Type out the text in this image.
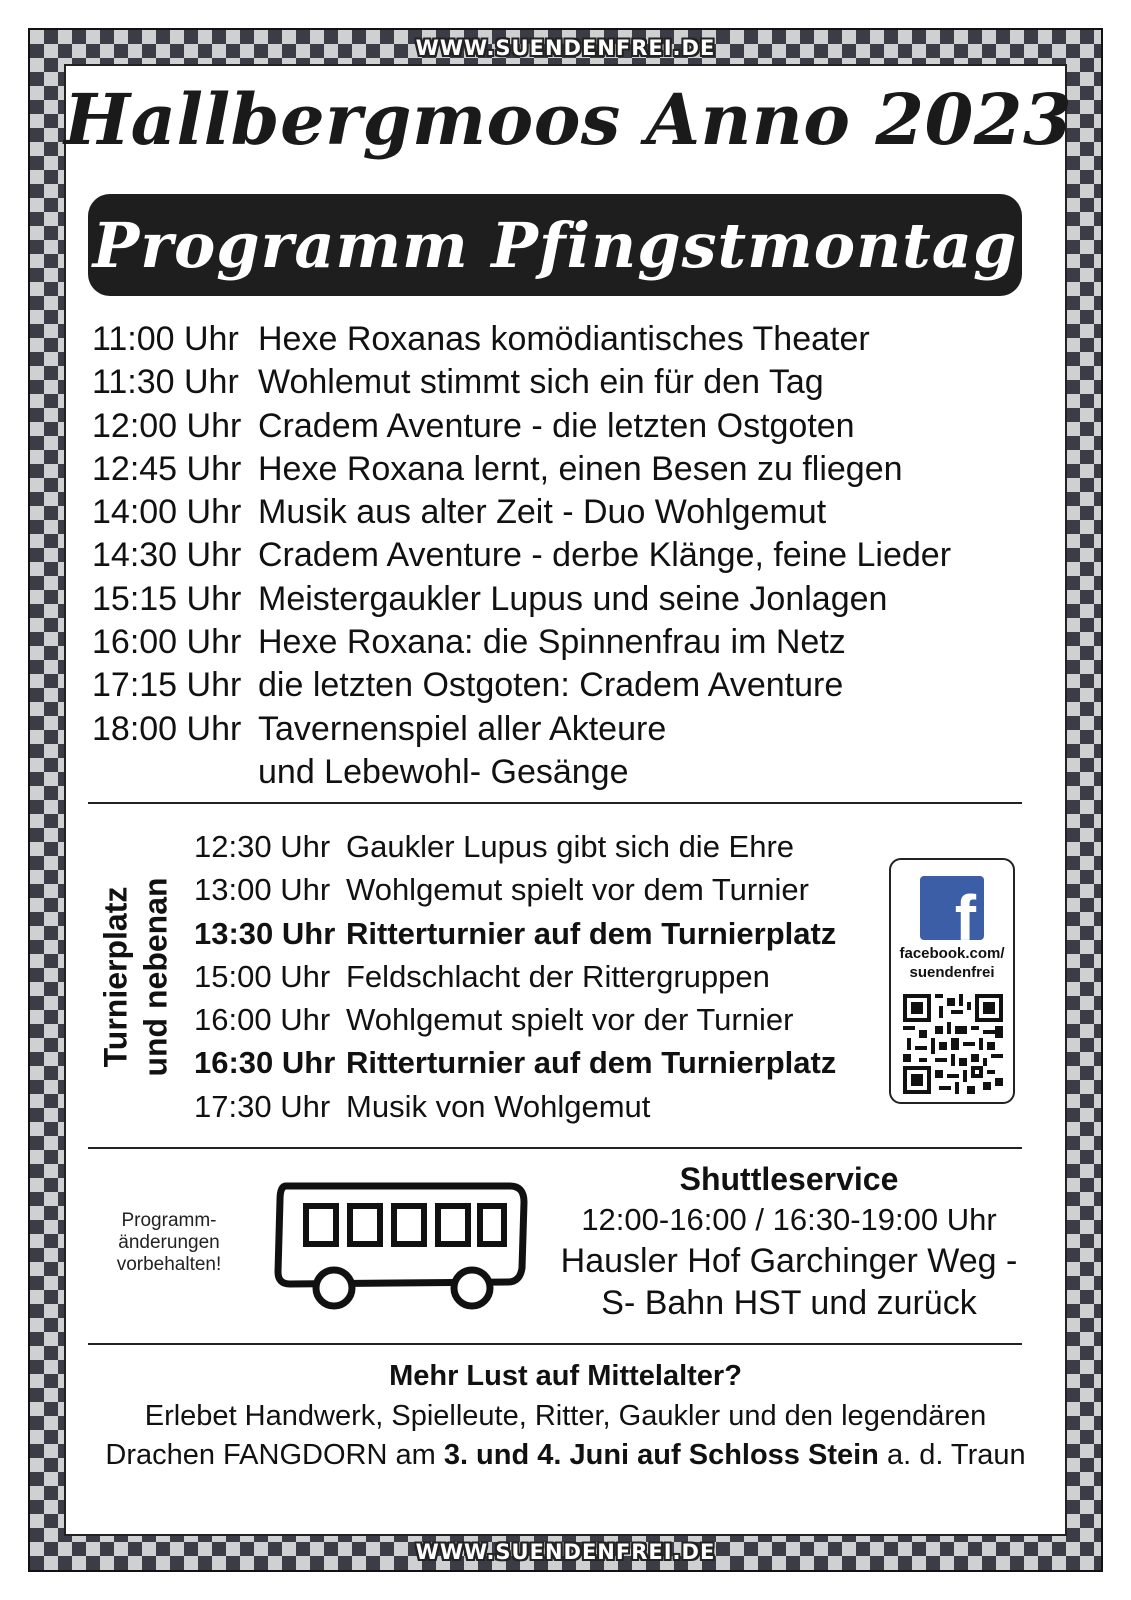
WWW.SUENDENFREI.DE
Hallbergmoos Anno 2023
Programm Pfingstmontag
11:00 Uhr Hexe Roxanas komödiantisches Theater
11:30 Uhr Wohlemut stimmt sich ein für den Tag
12:00 Uhr Cradem Aventure - die letzten Ostgoten
12:45 Uhr Hexe Roxana lernt, einen Besen zu fliegen
14:00 Uhr Musik aus alter Zeit - Duo Wohlgemut
14:30 Uhr Cradem Aventure - derbe Klänge, feine Lieder
15:15 Uhr Meistergaukler Lupus und seine Jonlagen
16:00 Uhr Hexe Roxana: die Spinnenfrau im Netz
17:15 Uhr die letzten Ostgoten: Cradem Aventure
18:00 Uhr Tavernenspiel aller Akteure
und Lebewohl- Gesänge
Turnierplatz und nebenan
12:30 Uhr Gaukler Lupus gibt sich die Ehre
13:00 Uhr Wohlgemut spielt vor dem Turnier
13:30 Uhr Ritterturnier auf dem Turnierplatz
15:00 Uhr Feldschlacht der Rittergruppen
16:00 Uhr Wohlgemut spielt vor der Turnier
16:30 Uhr Ritterturnier auf dem Turnierplatz
17:30 Uhr Musik von Wohlgemut
f
facebook.com/
suendenfrei
Programm-
änderungen
vorbehalten!
Shuttleservice
12:00-16:00 / 16:30-19:00 Uhr
Hausler Hof Garchinger Weg -
S- Bahn HST und zurück
Mehr Lust auf Mittelalter?
Erlebet Handwerk, Spielleute, Ritter, Gaukler und den legendären
Drachen FANGDORN am 3. und 4. Juni auf Schloss Stein a. d. Traun
WWW.SUENDENFREI.DE
